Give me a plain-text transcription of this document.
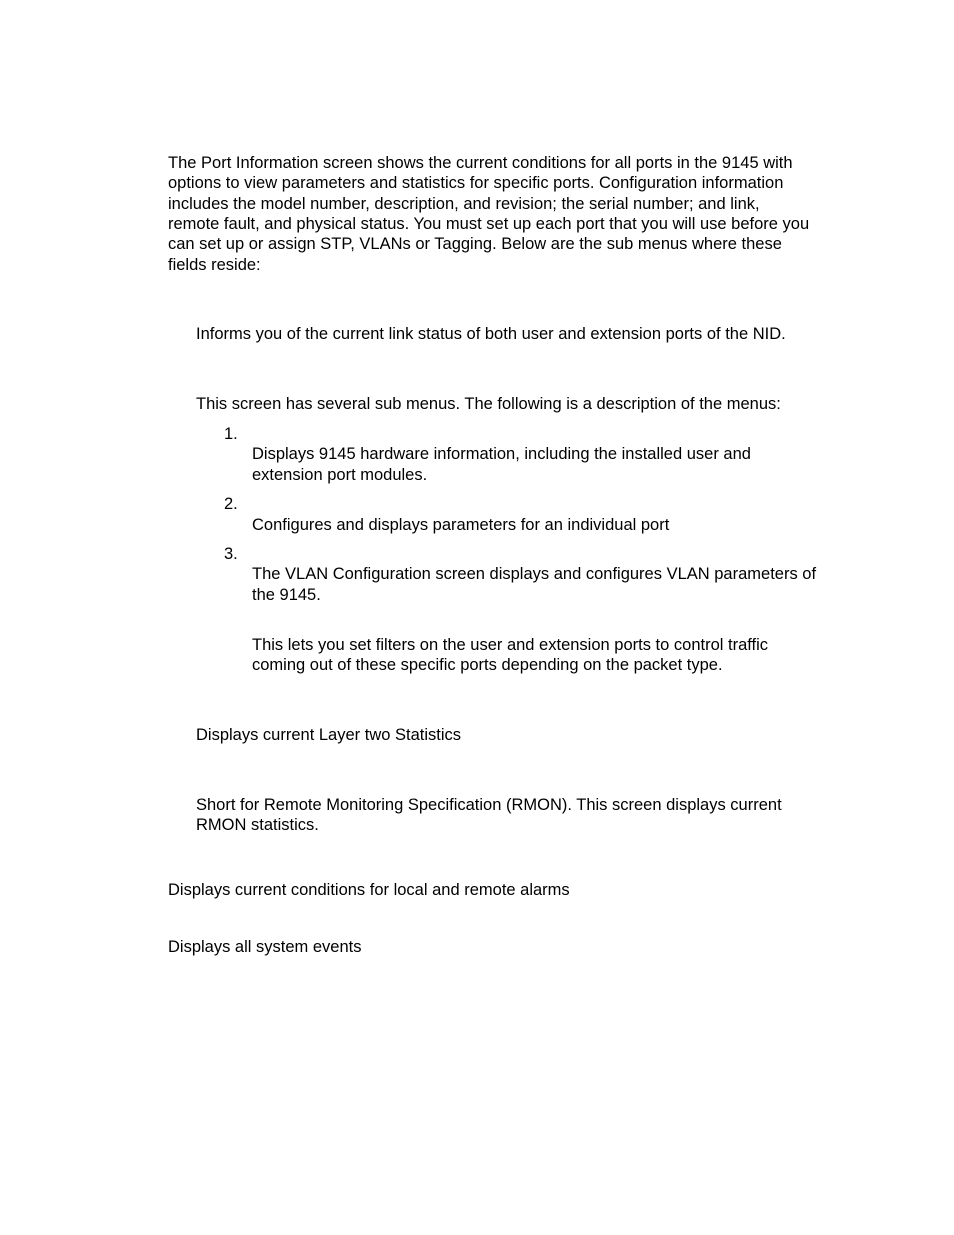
The Port Information screen shows the current conditions for all ports in the 9145 with

options to view parameters and statistics for specific ports. Configuration information

includes the model number, description, and revision; the serial number; and link,

remote fault, and physical status. You must set up each port that you will use before you

can set up or assign STP, VLANs or Tagging. Below are the sub menus where these

fields reside:

Informs you of the current link status of both user and extension ports of the NID.

This screen has several sub menus. The following is a description of the menus:

1.

Displays 9145 hardware information, including the installed user and

extension port modules.

2.

Configures and displays parameters for an individual port

3.

The VLAN Configuration screen displays and configures VLAN parameters of

the 9145.

This lets you set filters on the user and extension ports to control traffic

coming out of these specific ports depending on the packet type.

Displays current Layer two Statistics

Short for Remote Monitoring Specification (RMON). This screen displays current

RMON statistics.

Displays current conditions for local and remote alarms

Displays all system events
